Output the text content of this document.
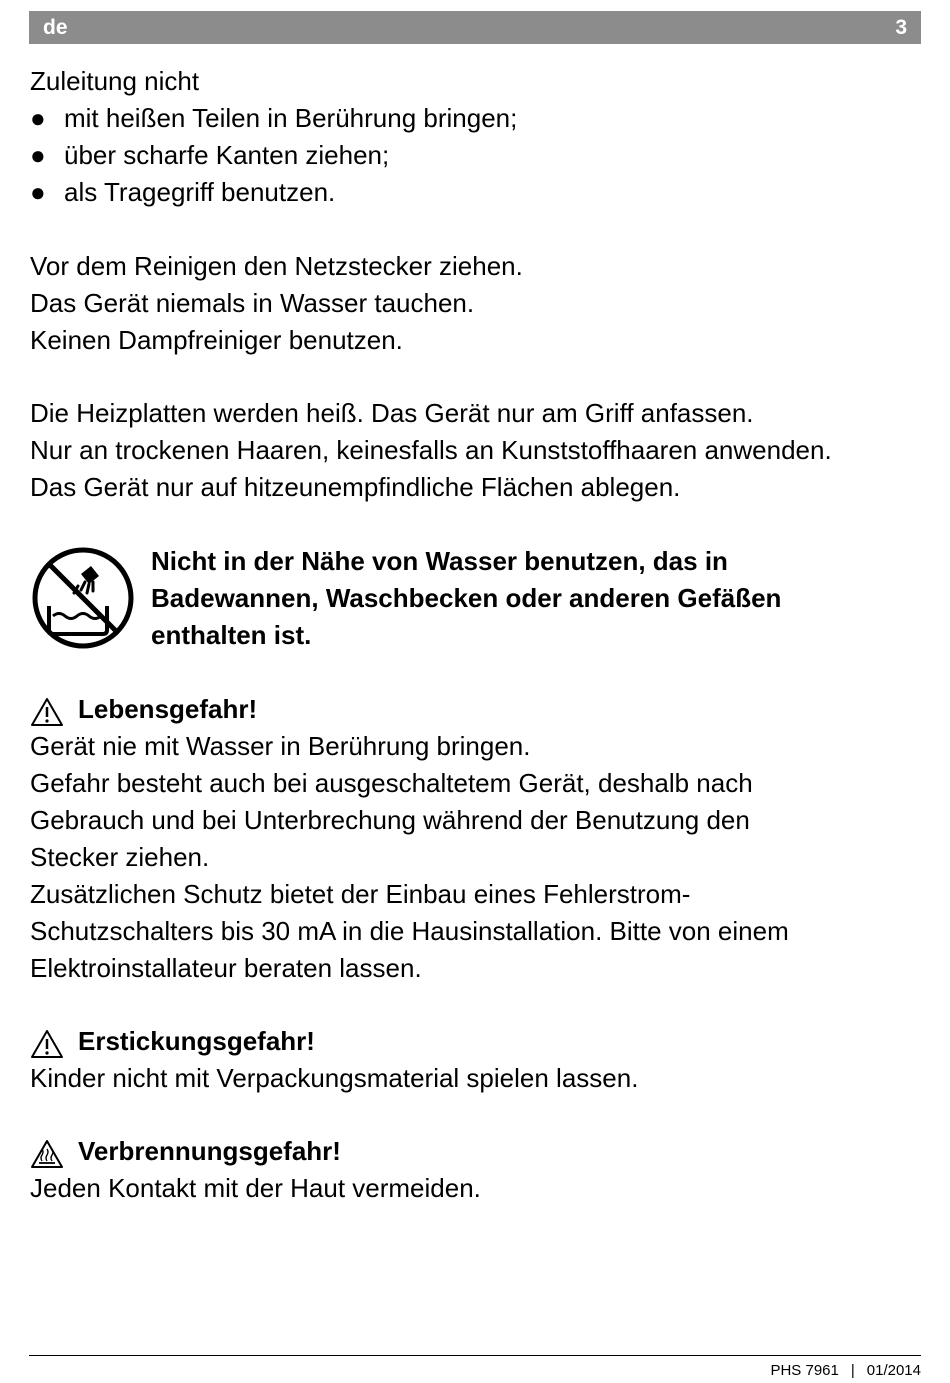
de	3
Zuleitung nicht
● mit heißen Teilen in Berührung bringen;
● über scharfe Kanten ziehen;
● als Tragegriff benutzen.
Vor dem Reinigen den Netzstecker ziehen.
Das Gerät niemals in Wasser tauchen.
Keinen Dampfreiniger benutzen.
Die Heizplatten werden heiß. Das Gerät nur am Griff anfassen.
Nur an trockenen Haaren, keinesfalls an Kunststoffhaaren anwenden.
Das Gerät nur auf hitzeunempfindliche Flächen ablegen.
Nicht in der Nähe von Wasser benutzen, das in
Badewannen, Waschbecken oder anderen Gefäßen
enthalten ist.
Lebensgefahr!
Gerät nie mit Wasser in Berührung bringen.
Gefahr besteht auch bei ausgeschaltetem Gerät, deshalb nach
Gebrauch und bei Unterbrechung während der Benutzung den
Stecker ziehen.
Zusätzlichen Schutz bietet der Einbau eines Fehlerstrom-
Schutzschalters bis 30 mA in die Hausinstallation. Bitte von einem
Elektroinstallateur beraten lassen.
Erstickungsgefahr!
Kinder nicht mit Verpackungsmaterial spielen lassen.
Verbrennungsgefahr!
Jeden Kontakt mit der Haut vermeiden.
PHS 7961 | 01/2014
